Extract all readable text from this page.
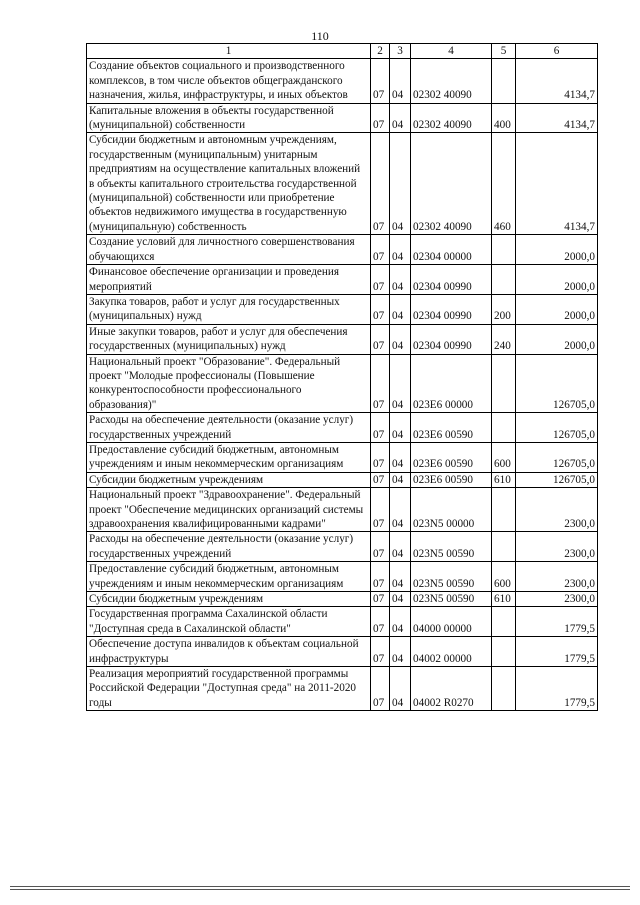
110
1	2	3	4	5	6
Создание объектов социального и производственного комплексов, в том числе объектов общегражданского назначения, жилья, инфраструктуры, и иных объектов	07	04	02302 40090		4134,7
Капитальные вложения в объекты государственной (муниципальной) собственности	07	04	02302 40090	400	4134,7
Субсидии бюджетным и автономным учреждениям, государственным (муниципальным) унитарным предприятиям на осуществление капитальных вложений в объекты капитального строительства государственной (муниципальной) собственности или приобретение объектов недвижимого имущества в государственную (муниципальную) собственность	07	04	02302 40090	460	4134,7
Создание условий для личностного совершенствования обучающихся	07	04	02304 00000		2000,0
Финансовое обеспечение организации и проведения мероприятий	07	04	02304 00990		2000,0
Закупка товаров, работ и услуг для государственных (муниципальных) нужд	07	04	02304 00990	200	2000,0
Иные закупки товаров, работ и услуг для обеспечения государственных (муниципальных) нужд	07	04	02304 00990	240	2000,0
Национальный проект "Образование". Федеральный проект "Молодые профессионалы (Повышение конкурентоспособности профессионального образования)"	07	04	023E6 00000		126705,0
Расходы на обеспечение деятельности (оказание услуг) государственных учреждений	07	04	023E6 00590		126705,0
Предоставление субсидий бюджетным, автономным учреждениям и иным некоммерческим организациям	07	04	023E6 00590	600	126705,0
Субсидии бюджетным учреждениям	07	04	023E6 00590	610	126705,0
Национальный проект "Здравоохранение". Федеральный проект "Обеспечение медицинских организаций системы здравоохранения квалифицированными кадрами"	07	04	023N5 00000		2300,0
Расходы на обеспечение деятельности (оказание услуг) государственных учреждений	07	04	023N5 00590		2300,0
Предоставление субсидий бюджетным, автономным учреждениям и иным некоммерческим организациям	07	04	023N5 00590	600	2300,0
Субсидии бюджетным учреждениям	07	04	023N5 00590	610	2300,0
Государственная программа Сахалинской области "Доступная среда в Сахалинской области"	07	04	04000 00000		1779,5
Обеспечение доступа инвалидов к объектам социальной инфраструктуры	07	04	04002 00000		1779,5
Реализация мероприятий государственной программы Российской Федерации "Доступная среда" на 2011-2020 годы	07	04	04002 R0270		1779,5
